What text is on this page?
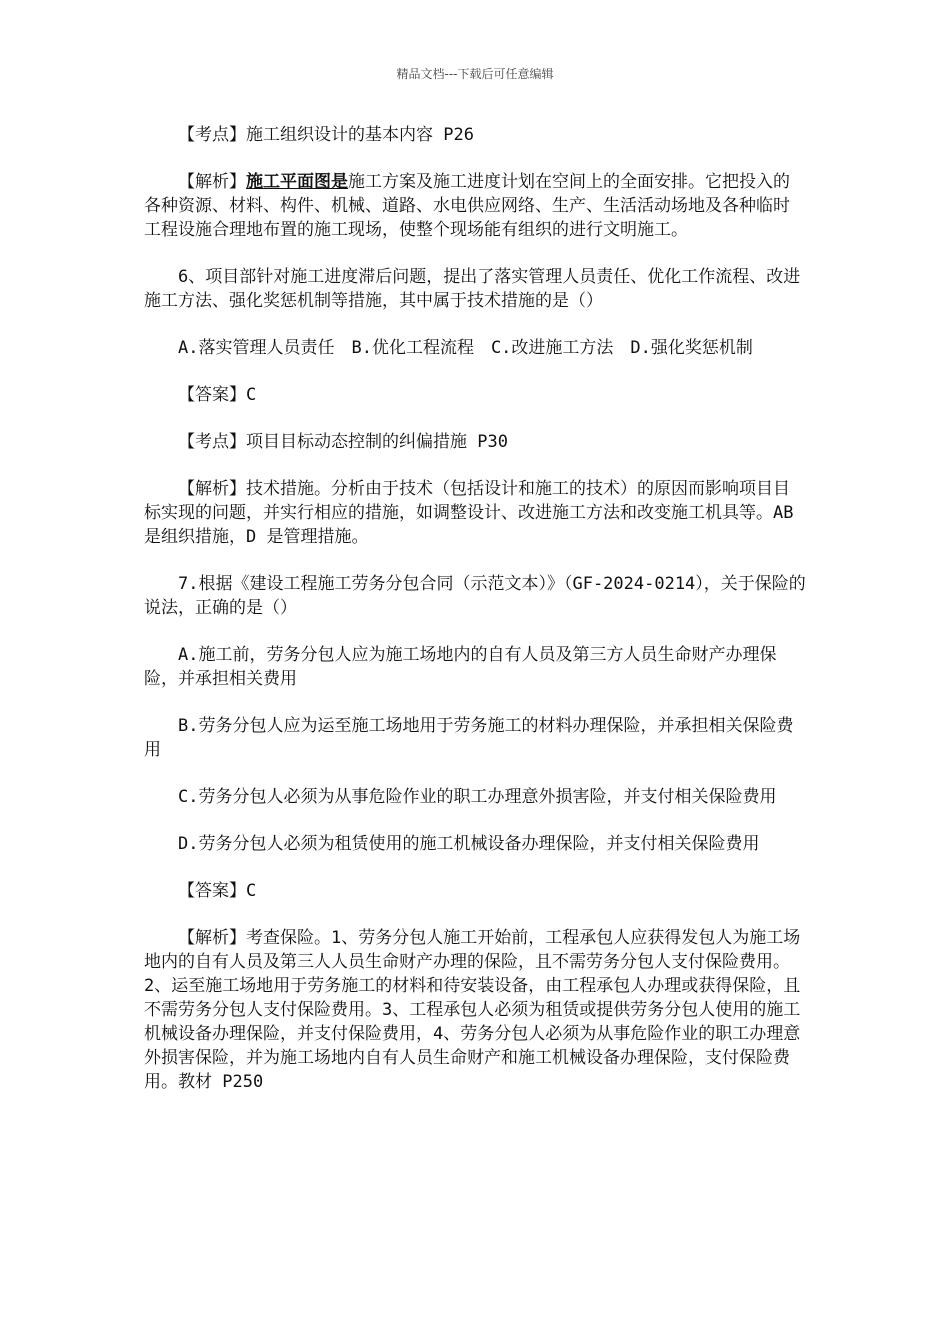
精品文档---下载后可任意编辑

【考点】施工组织设计的基本内容 P26

【解析】施工平面图是施工方案及施工进度计划在空间上的全面安排。它把投入的各种资源、材料、构件、机械、道路、水电供应网络、生产、生活活动场地及各种临时工程设施合理地布置的施工现场，使整个现场能有组织的进行文明施工。

6、项目部针对施工进度滞后问题，提出了落实管理人员责任、优化工作流程、改进施工方法、强化奖惩机制等措施，其中属于技术措施的是（）

A.落实管理人员责任　B.优化工程流程　C.改进施工方法　D.强化奖惩机制

【答案】C

【考点】项目目标动态控制的纠偏措施 P30

【解析】技术措施。分析由于技术（包括设计和施工的技术）的原因而影响项目目标实现的问题，并实行相应的措施，如调整设计、改进施工方法和改变施工机具等。AB 是组织措施，D 是管理措施。

7.根据《建设工程施工劳务分包合同（示范文本）》（GF-2024-0214），关于保险的说法，正确的是（）

A.施工前，劳务分包人应为施工场地内的自有人员及第三方人员生命财产办理保险，并承担相关费用

B.劳务分包人应为运至施工场地用于劳务施工的材料办理保险，并承担相关保险费用

C.劳务分包人必须为从事危险作业的职工办理意外损害险，并支付相关保险费用

D.劳务分包人必须为租赁使用的施工机械设备办理保险，并支付相关保险费用

【答案】C

【解析】考查保险。1、劳务分包人施工开始前，工程承包人应获得发包人为施工场地内的自有人员及第三人人员生命财产办理的保险，且不需劳务分包人支付保险费用。2、运至施工场地用于劳务施工的材料和待安装设备，由工程承包人办理或获得保险，且不需劳务分包人支付保险费用。3、工程承包人必须为租赁或提供劳务分包人使用的施工机械设备办理保险，并支付保险费用，4、劳务分包人必须为从事危险作业的职工办理意外损害保险，并为施工场地内自有人员生命财产和施工机械设备办理保险，支付保险费用。教材 P250
